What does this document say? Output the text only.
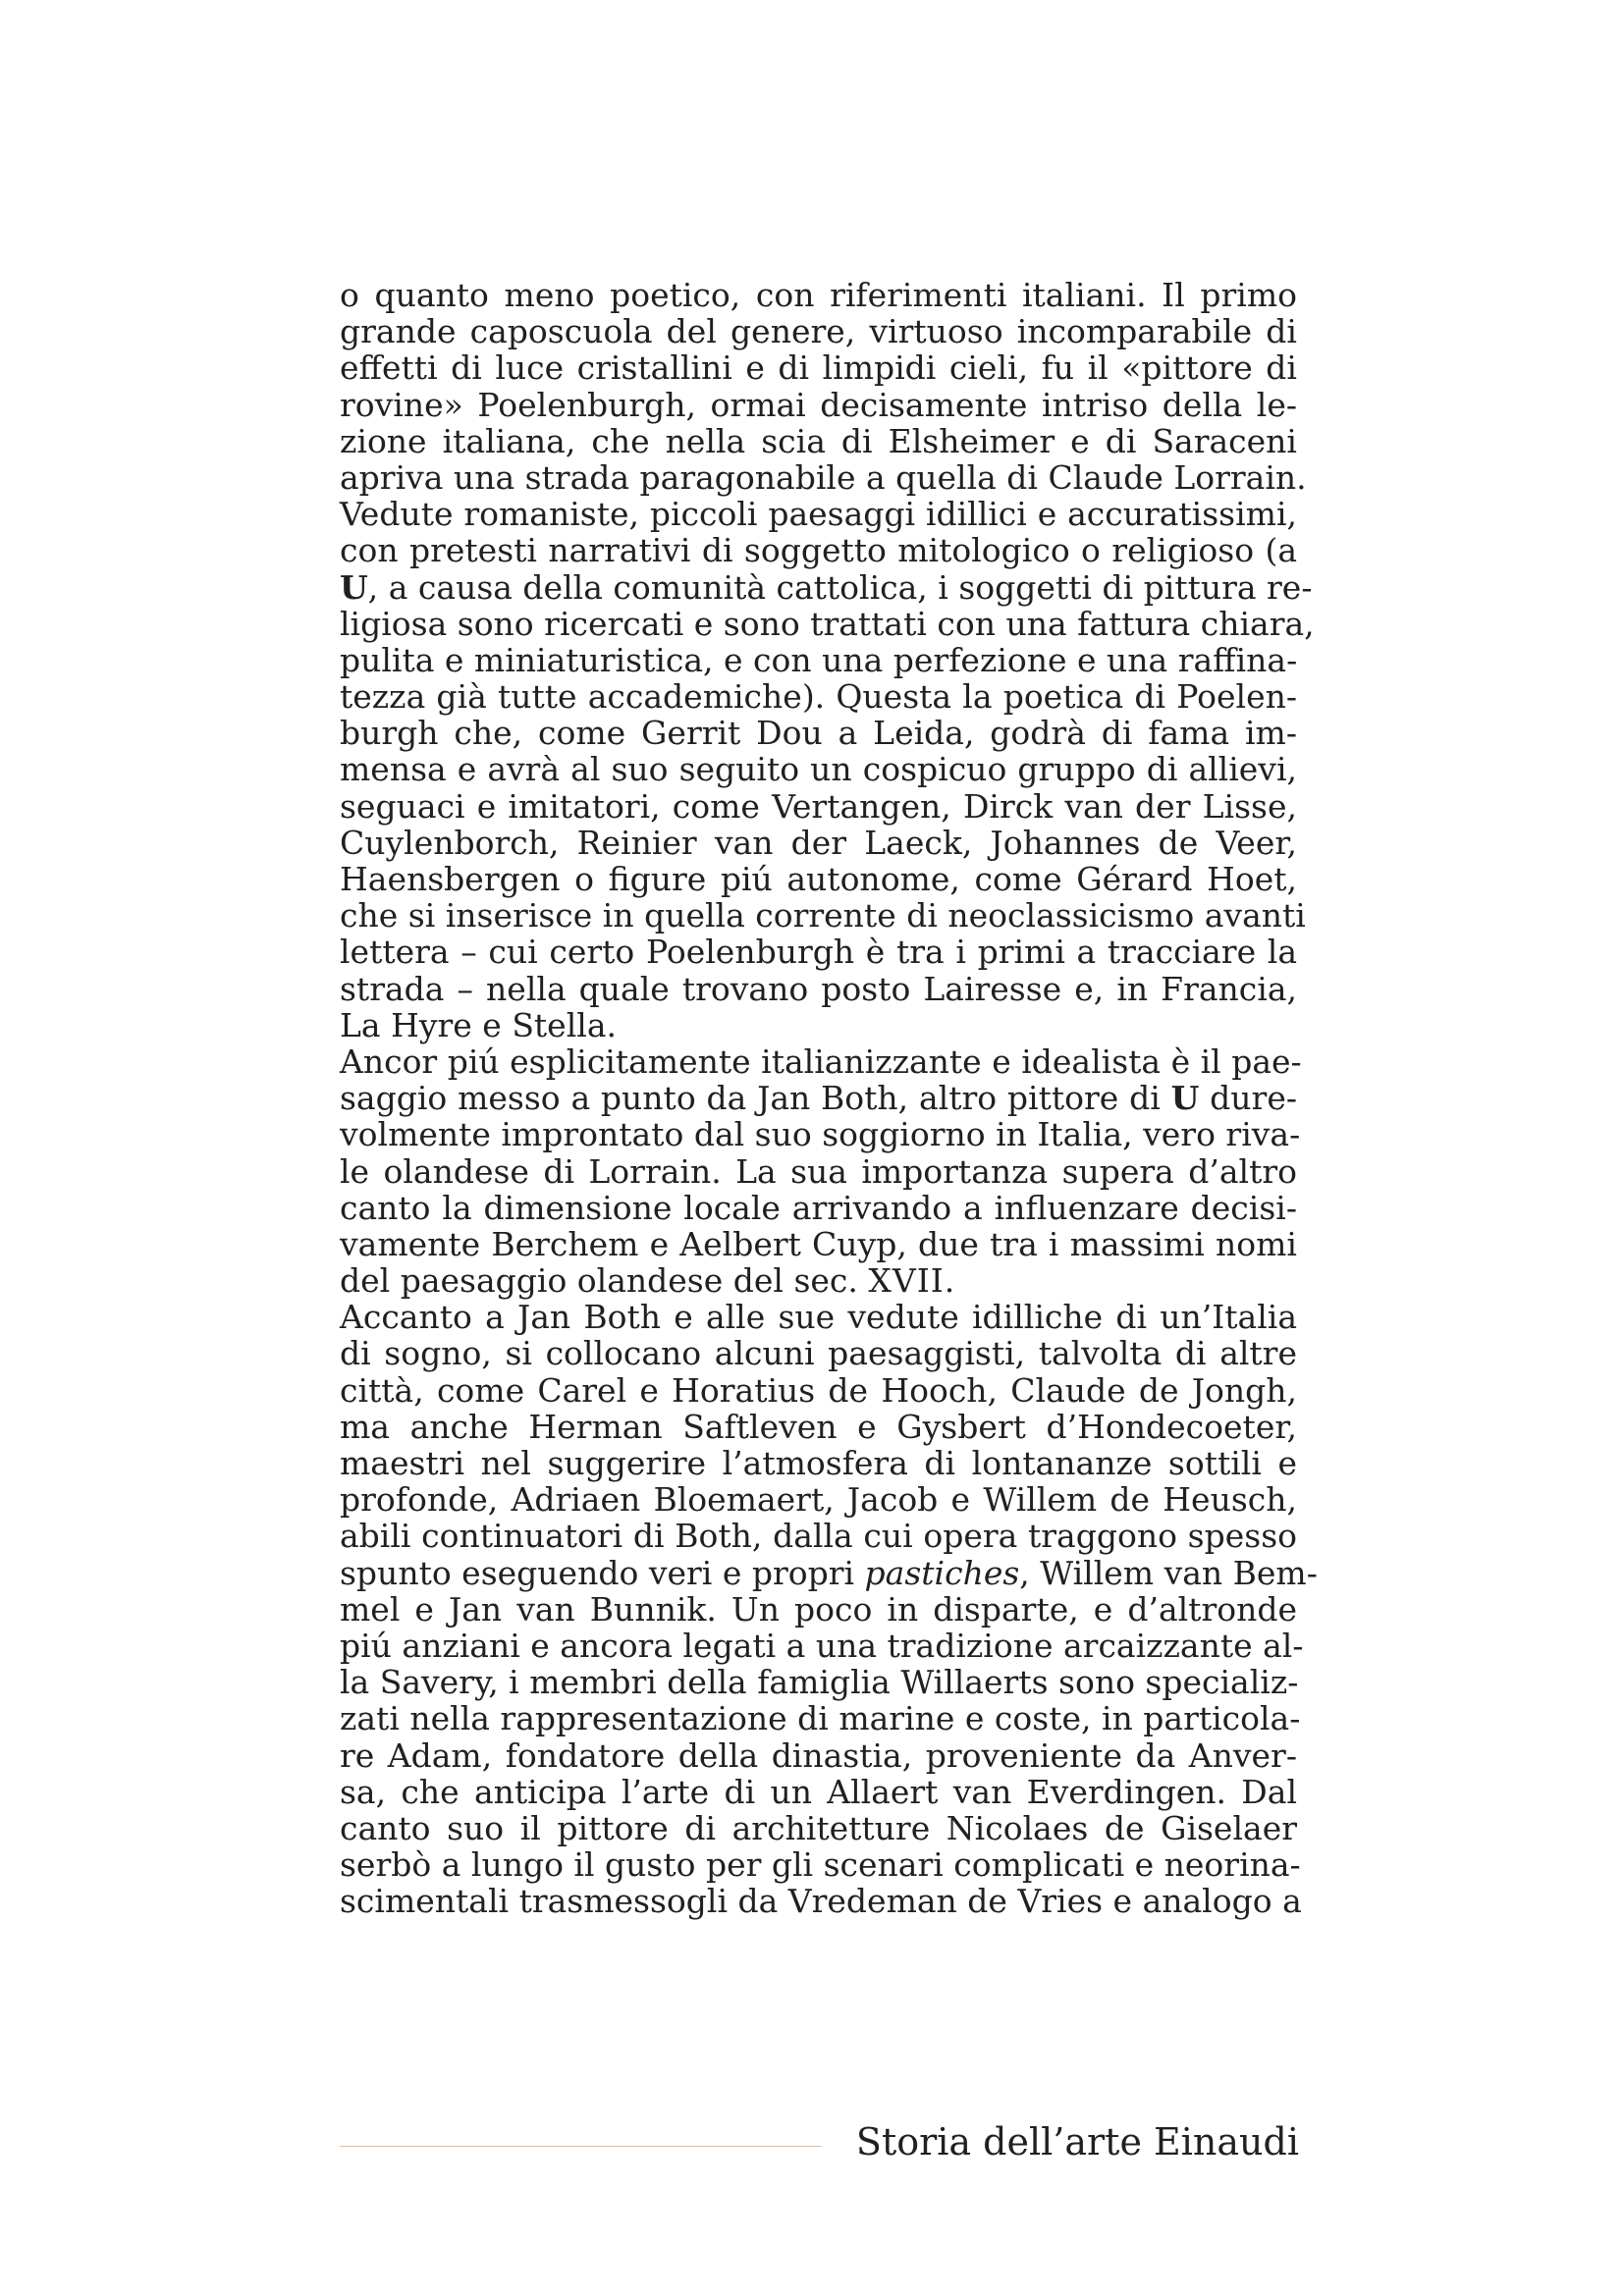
o quanto meno poetico, con riferimenti italiani. Il primo
grande caposcuola del genere, virtuoso incomparabile di
effetti di luce cristallini e di limpidi cieli, fu il «pittore di
rovine» Poelenburgh, ormai decisamente intriso della le-
zione italiana, che nella scia di Elsheimer e di Saraceni
apriva una strada paragonabile a quella di Claude Lorrain.
Vedute romaniste, piccoli paesaggi idillici e accuratissimi,
con pretesti narrativi di soggetto mitologico o religioso (a
U, a causa della comunità cattolica, i soggetti di pittura re-
ligiosa sono ricercati e sono trattati con una fattura chiara,
pulita e miniaturistica, e con una perfezione e una raffina-
tezza già tutte accademiche). Questa la poetica di Poelen-
burgh che, come Gerrit Dou a Leida, godrà di fama im-
mensa e avrà al suo seguito un cospicuo gruppo di allievi,
seguaci e imitatori, come Vertangen, Dirck van der Lisse,
Cuylenborch, Reinier van der Laeck, Johannes de Veer,
Haensbergen o figure piú autonome, come Gérard Hoet,
che si inserisce in quella corrente di neoclassicismo avanti
lettera – cui certo Poelenburgh è tra i primi a tracciare la
strada – nella quale trovano posto Lairesse e, in Francia,
La Hyre e Stella.
Ancor piú esplicitamente italianizzante e idealista è il pae-
saggio messo a punto da Jan Both, altro pittore di U dure-
volmente improntato dal suo soggiorno in Italia, vero riva-
le olandese di Lorrain. La sua importanza supera d’altro
canto la dimensione locale arrivando a influenzare decisi-
vamente Berchem e Aelbert Cuyp, due tra i massimi nomi
del paesaggio olandese del sec. XVII.
Accanto a Jan Both e alle sue vedute idilliche di un’Italia
di sogno, si collocano alcuni paesaggisti, talvolta di altre
città, come Carel e Horatius de Hooch, Claude de Jongh,
ma anche Herman Saftleven e Gysbert d’Hondecoeter,
maestri nel suggerire l’atmosfera di lontananze sottili e
profonde, Adriaen Bloemaert, Jacob e Willem de Heusch,
abili continuatori di Both, dalla cui opera traggono spesso
spunto eseguendo veri e propri pastiches, Willem van Bem-
mel e Jan van Bunnik. Un poco in disparte, e d’altronde
piú anziani e ancora legati a una tradizione arcaizzante al-
la Savery, i membri della famiglia Willaerts sono specializ-
zati nella rappresentazione di marine e coste, in particola-
re Adam, fondatore della dinastia, proveniente da Anver-
sa, che anticipa l’arte di un Allaert van Everdingen. Dal
canto suo il pittore di architetture Nicolaes de Giselaer
serbò a lungo il gusto per gli scenari complicati e neorina-
scimentali trasmessogli da Vredeman de Vries e analogo a
Storia dell’arte Einaudi
